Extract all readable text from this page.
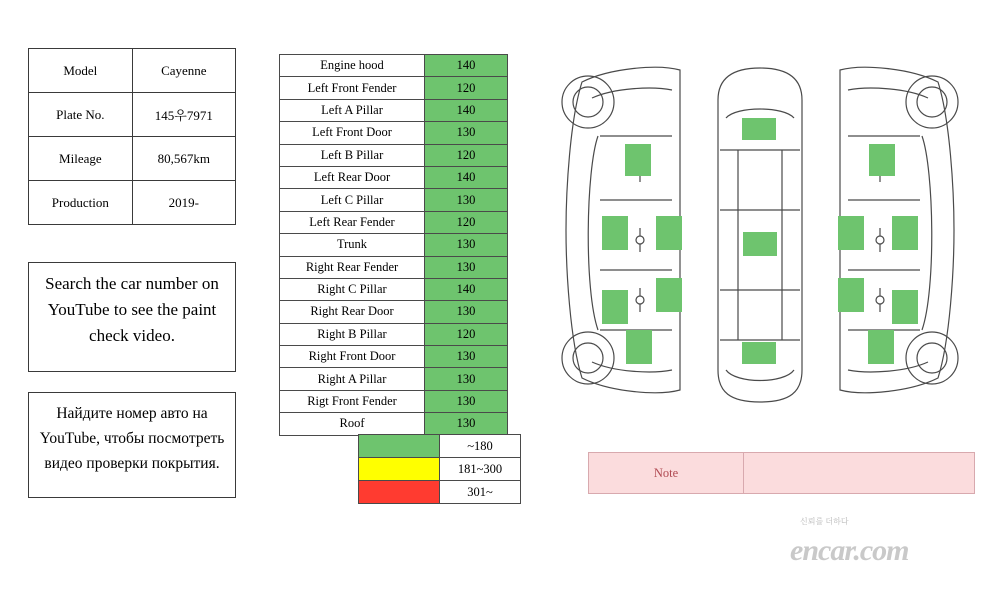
Model	Cayenne
Plate No.	145우7971
Mileage	80,567km
Production	2019-
Search the car number on YouTube to see the paint check video.
Найдите номер авто на YouTube, чтобы посмотреть видео проверки покрытия.
Engine hood	140
Left Front Fender	120
Left A Pillar	140
Left Front Door	130
Left B Pillar	120
Left Rear Door	140
Left C Pillar	130
Left Rear Fender	120
Trunk	130
Right Rear Fender	130
Right C Pillar	140
Right Rear Door	130
Right B Pillar	120
Right Front Door	130
Right A Pillar	130
Rigt Front Fender	130
Roof	130
	~180
	181~300
	301~
Note	
신뢰를 더하다
encar.com
